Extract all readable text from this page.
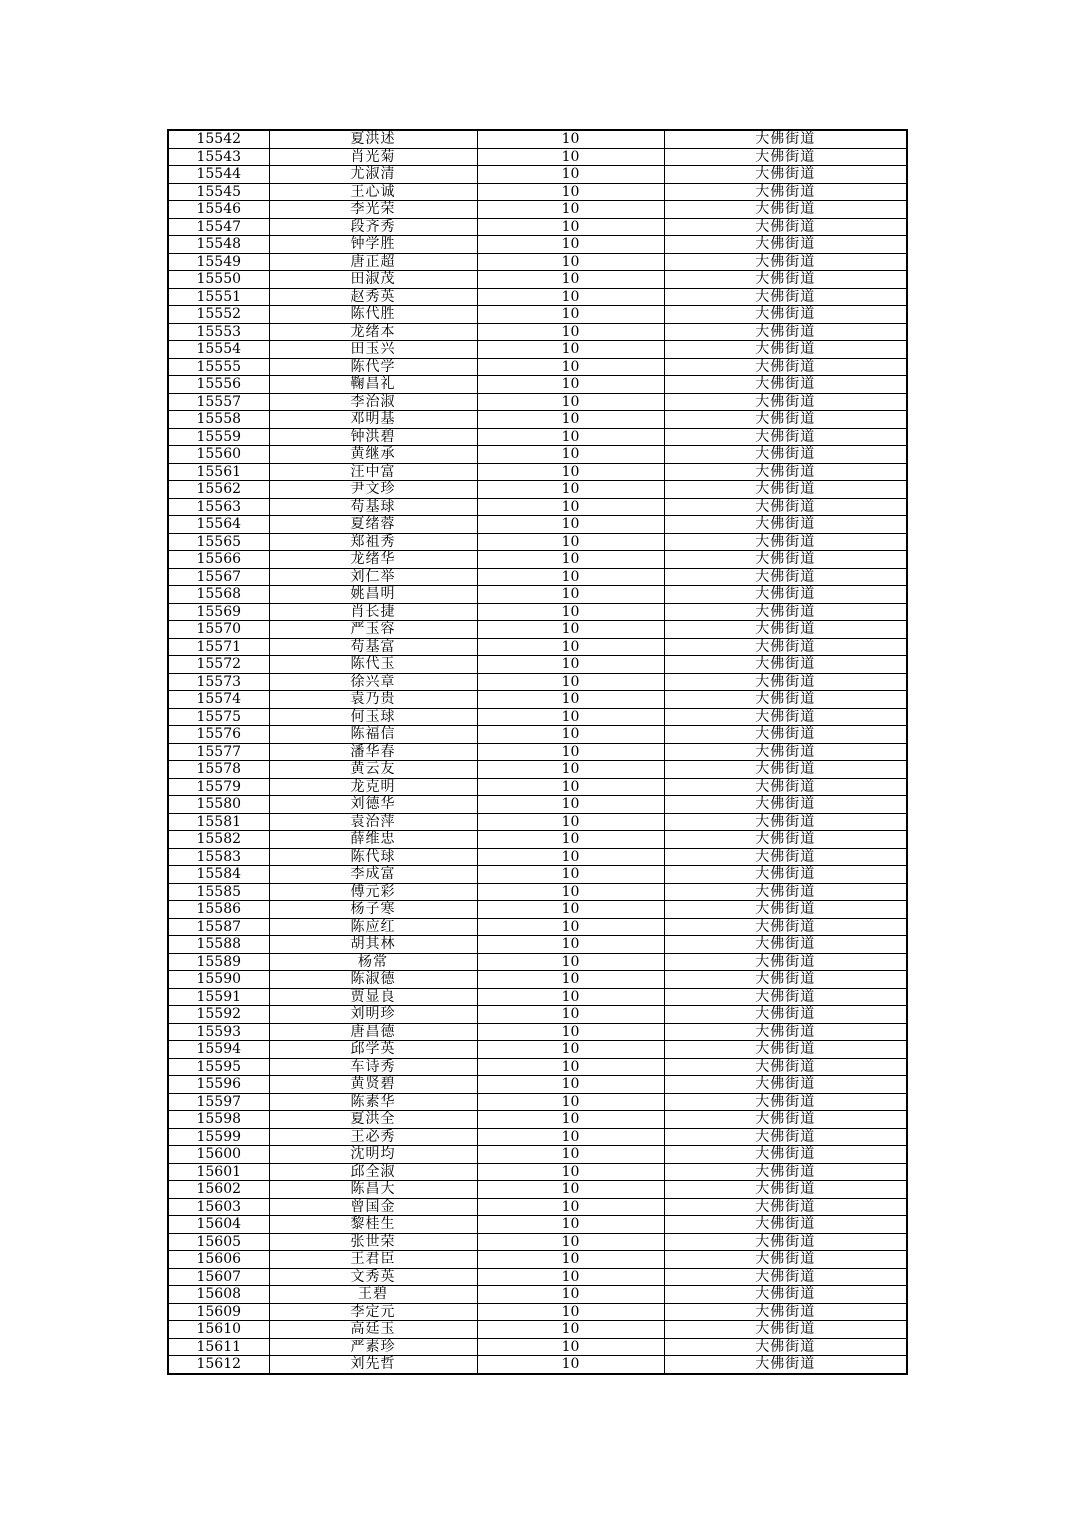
15542	夏洪述	10	大佛街道
15543	肖光菊	10	大佛街道
15544	尤淑清	10	大佛街道
15545	王心诚	10	大佛街道
15546	李光荣	10	大佛街道
15547	段齐秀	10	大佛街道
15548	钟学胜	10	大佛街道
15549	唐正超	10	大佛街道
15550	田淑茂	10	大佛街道
15551	赵秀英	10	大佛街道
15552	陈代胜	10	大佛街道
15553	龙绪本	10	大佛街道
15554	田玉兴	10	大佛街道
15555	陈代学	10	大佛街道
15556	鞠昌礼	10	大佛街道
15557	李治淑	10	大佛街道
15558	邓明基	10	大佛街道
15559	钟洪碧	10	大佛街道
15560	黄继承	10	大佛街道
15561	汪中富	10	大佛街道
15562	尹文珍	10	大佛街道
15563	苟基球	10	大佛街道
15564	夏绪蓉	10	大佛街道
15565	郑祖秀	10	大佛街道
15566	龙绪华	10	大佛街道
15567	刘仁举	10	大佛街道
15568	姚昌明	10	大佛街道
15569	肖长捷	10	大佛街道
15570	严玉容	10	大佛街道
15571	苟基富	10	大佛街道
15572	陈代玉	10	大佛街道
15573	徐兴章	10	大佛街道
15574	袁乃贵	10	大佛街道
15575	何玉球	10	大佛街道
15576	陈福信	10	大佛街道
15577	潘华春	10	大佛街道
15578	黄云友	10	大佛街道
15579	龙克明	10	大佛街道
15580	刘德华	10	大佛街道
15581	袁治萍	10	大佛街道
15582	薛维忠	10	大佛街道
15583	陈代球	10	大佛街道
15584	李成富	10	大佛街道
15585	傅元彩	10	大佛街道
15586	杨子寒	10	大佛街道
15587	陈应红	10	大佛街道
15588	胡其林	10	大佛街道
15589	杨常	10	大佛街道
15590	陈淑德	10	大佛街道
15591	贾显良	10	大佛街道
15592	刘明珍	10	大佛街道
15593	唐昌德	10	大佛街道
15594	邱学英	10	大佛街道
15595	车诗秀	10	大佛街道
15596	黄贤碧	10	大佛街道
15597	陈素华	10	大佛街道
15598	夏洪全	10	大佛街道
15599	王必秀	10	大佛街道
15600	沈明均	10	大佛街道
15601	邱全淑	10	大佛街道
15602	陈昌大	10	大佛街道
15603	曾国金	10	大佛街道
15604	黎桂生	10	大佛街道
15605	张世荣	10	大佛街道
15606	王君臣	10	大佛街道
15607	文秀英	10	大佛街道
15608	王碧	10	大佛街道
15609	李定元	10	大佛街道
15610	高廷玉	10	大佛街道
15611	严素珍	10	大佛街道
15612	刘先哲	10	大佛街道
